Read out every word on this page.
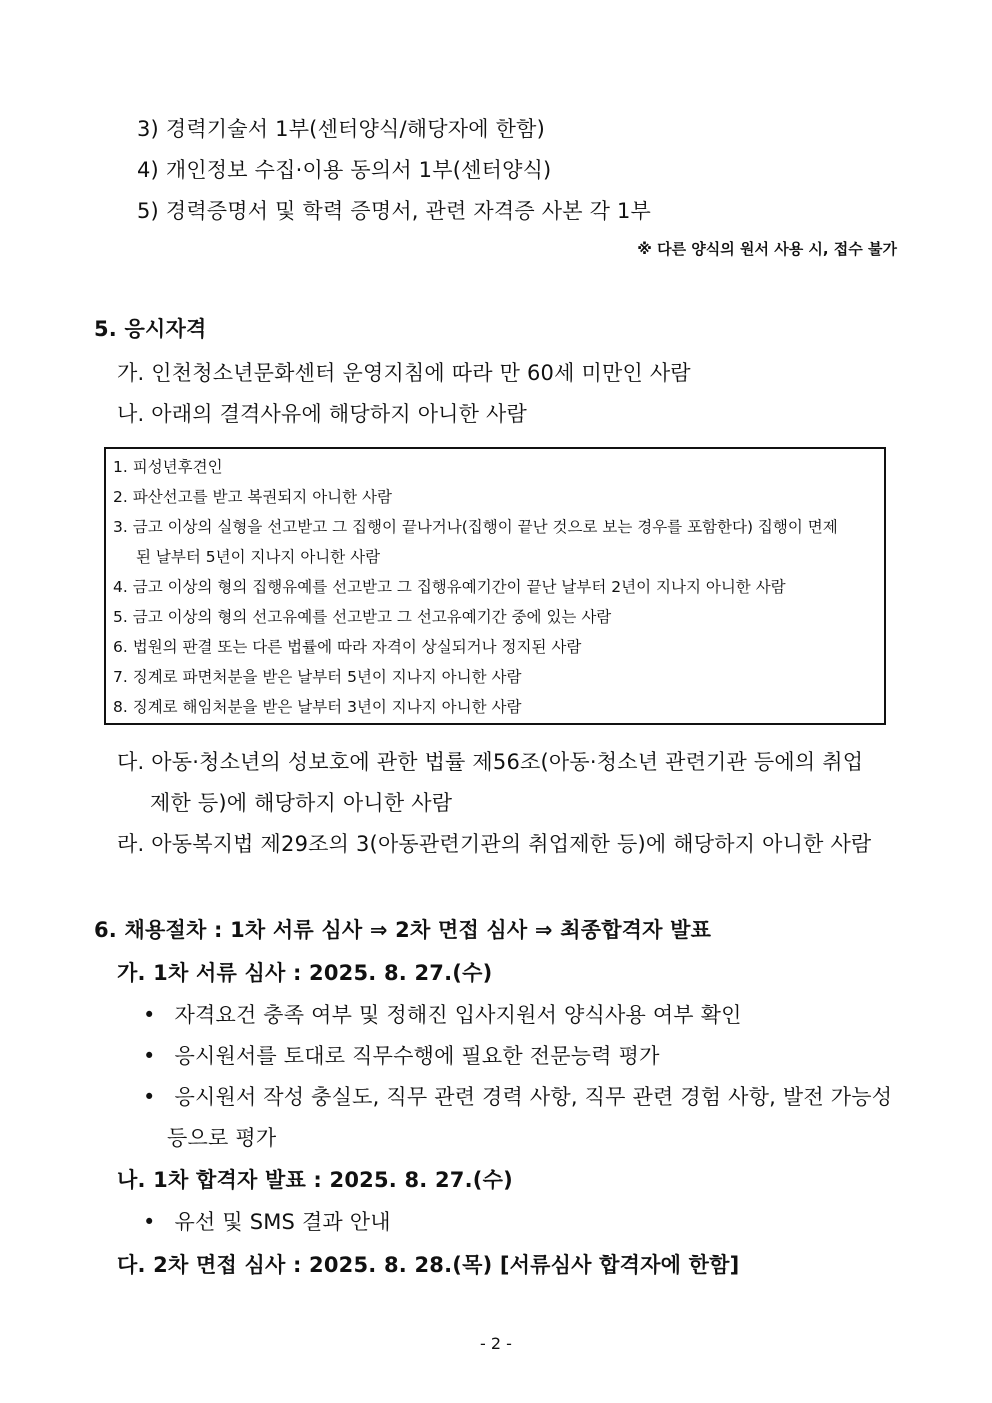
3) 경력기술서 1부(센터양식/해당자에 한함)
4) 개인정보 수집·이용 동의서 1부(센터양식)
5) 경력증명서 및 학력 증명서, 관련 자격증 사본 각 1부
※ 다른 양식의 원서 사용 시, 접수 불가
5. 응시자격
가. 인천청소년문화센터 운영지침에 따라 만 60세 미만인 사람
나. 아래의 결격사유에 해당하지 아니한 사람
1. 피성년후견인
2. 파산선고를 받고 복권되지 아니한 사람
3. 금고 이상의 실형을 선고받고 그 집행이 끝나거나(집행이 끝난 것으로 보는 경우를 포함한다) 집행이 면제
된 날부터 5년이 지나지 아니한 사람
4. 금고 이상의 형의 집행유예를 선고받고 그 집행유예기간이 끝난 날부터 2년이 지나지 아니한 사람
5. 금고 이상의 형의 선고유예를 선고받고 그 선고유예기간 중에 있는 사람
6. 법원의 판결 또는 다른 법률에 따라 자격이 상실되거나 정지된 사람
7. 징계로 파면처분을 받은 날부터 5년이 지나지 아니한 사람
8. 징계로 해임처분을 받은 날부터 3년이 지나지 아니한 사람
다. 아동·청소년의 성보호에 관한 법률 제56조(아동·청소년 관련기관 등에의 취업
제한 등)에 해당하지 아니한 사람
라. 아동복지법 제29조의 3(아동관련기관의 취업제한 등)에 해당하지 아니한 사람
6. 채용절차 : 1차 서류 심사 ⇒ 2차 면접 심사 ⇒ 최종합격자 발표
가. 1차 서류 심사 : 2025. 8. 27.(수)
• 자격요건 충족 여부 및 정해진 입사지원서 양식사용 여부 확인
• 응시원서를 토대로 직무수행에 필요한 전문능력 평가
• 응시원서 작성 충실도, 직무 관련 경력 사항, 직무 관련 경험 사항, 발전 가능성
등으로 평가
나. 1차 합격자 발표 : 2025. 8. 27.(수)
• 유선 및 SMS 결과 안내
다. 2차 면접 심사 : 2025. 8. 28.(목) [서류심사 합격자에 한함]
- 2 -
